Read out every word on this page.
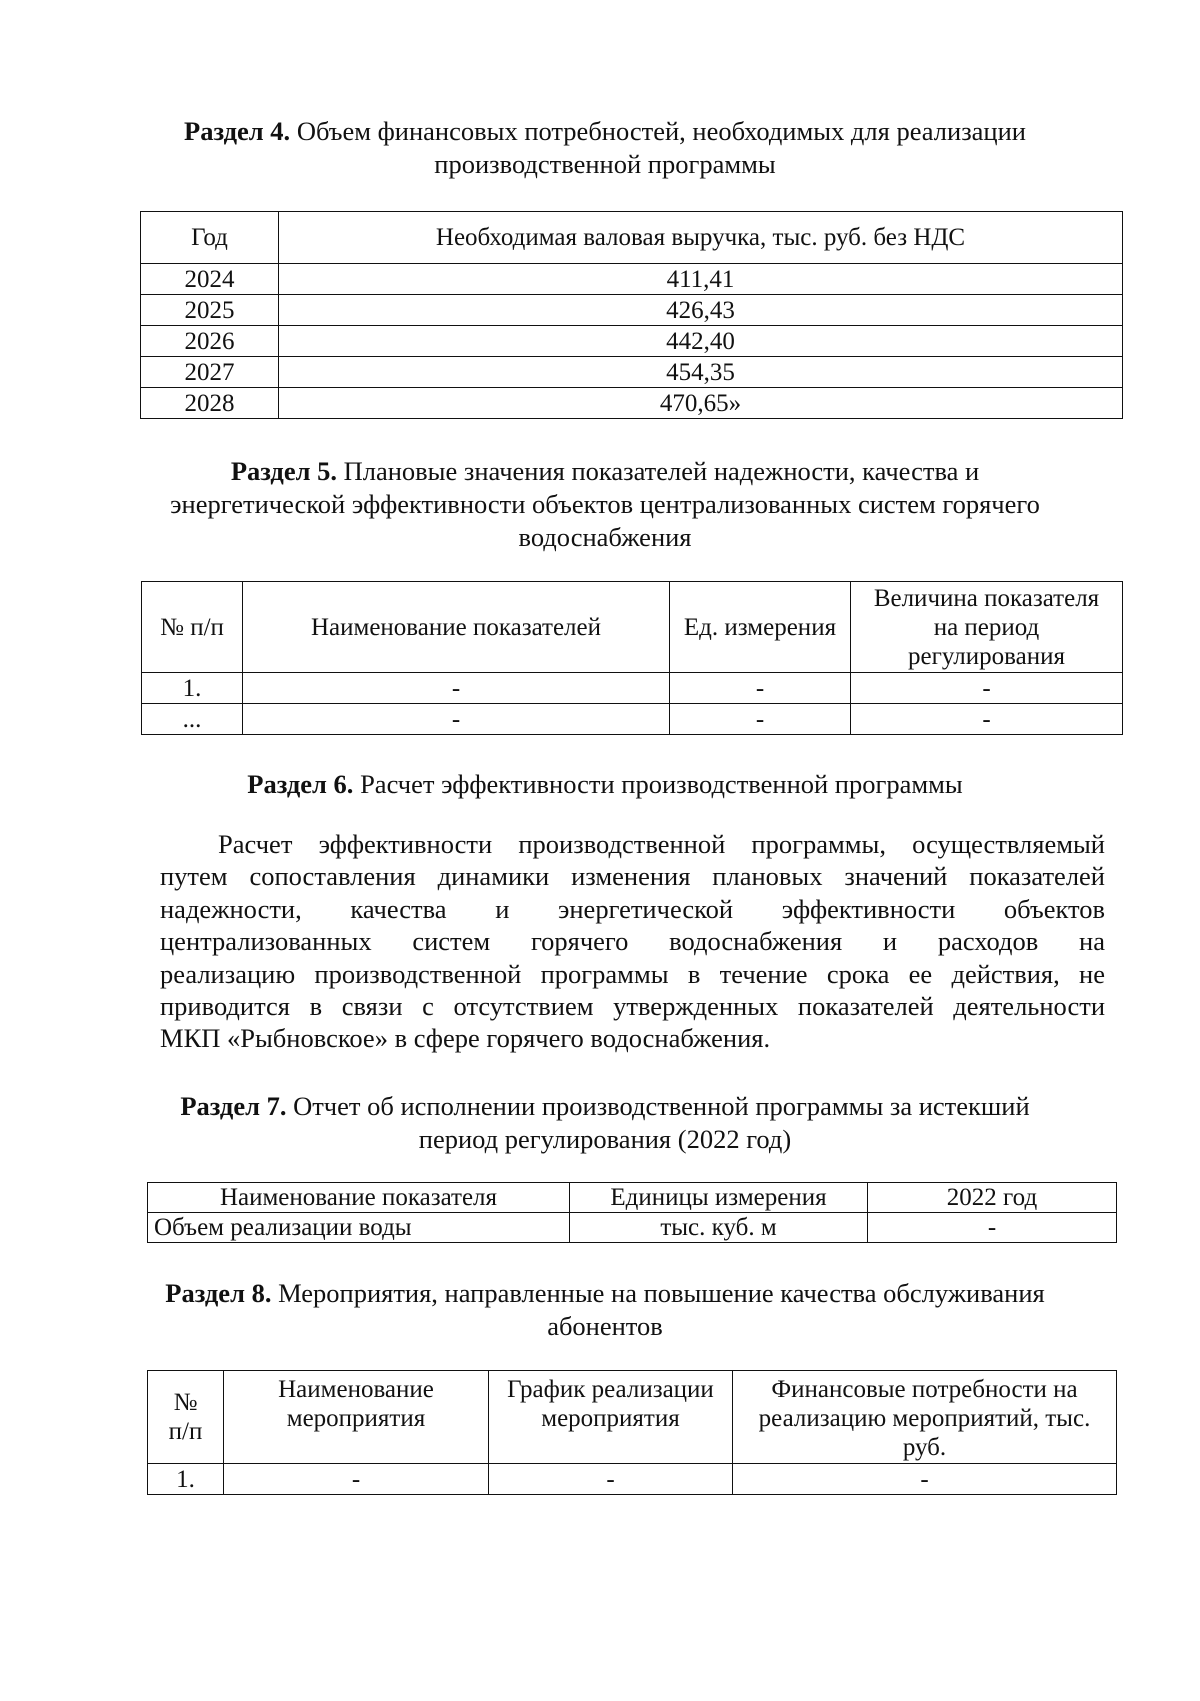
Раздел 4. Объем финансовых потребностей, необходимых для реализации
производственной программы
Год	Необходимая валовая выручка, тыс. руб. без НДС
2024	411,41
2025	426,43
2026	442,40
2027	454,35
2028	470,65»
Раздел 5. Плановые значения показателей надежности, качества и
энергетической эффективности объектов централизованных систем горячего
водоснабжения
№ п/п	Наименование показателей	Ед. измерения	Величина показателя на период регулирования
1.	-	-	-
...	-	-	-
Раздел 6. Расчет эффективности производственной программы
Расчет эффективности производственной программы, осуществляемый
путем сопоставления динамики изменения плановых значений показателей
надежности, качества и энергетической эффективности объектов
централизованных систем горячего водоснабжения и расходов на
реализацию производственной программы в течение срока ее действия, не
приводится в связи с отсутствием утвержденных показателей деятельности
МКП «Рыбновское» в сфере горячего водоснабжения.
Раздел 7. Отчет об исполнении производственной программы за истекший
период регулирования (2022 год)
Наименование показателя	Единицы измерения	2022 год
Объем реализации воды	тыс. куб. м	-
Раздел 8. Мероприятия, направленные на повышение качества обслуживания
абонентов
№ п/п	Наименование мероприятия	График реализации мероприятия	Финансовые потребности на реализацию мероприятий, тыс. руб.
1.	-	-	-
